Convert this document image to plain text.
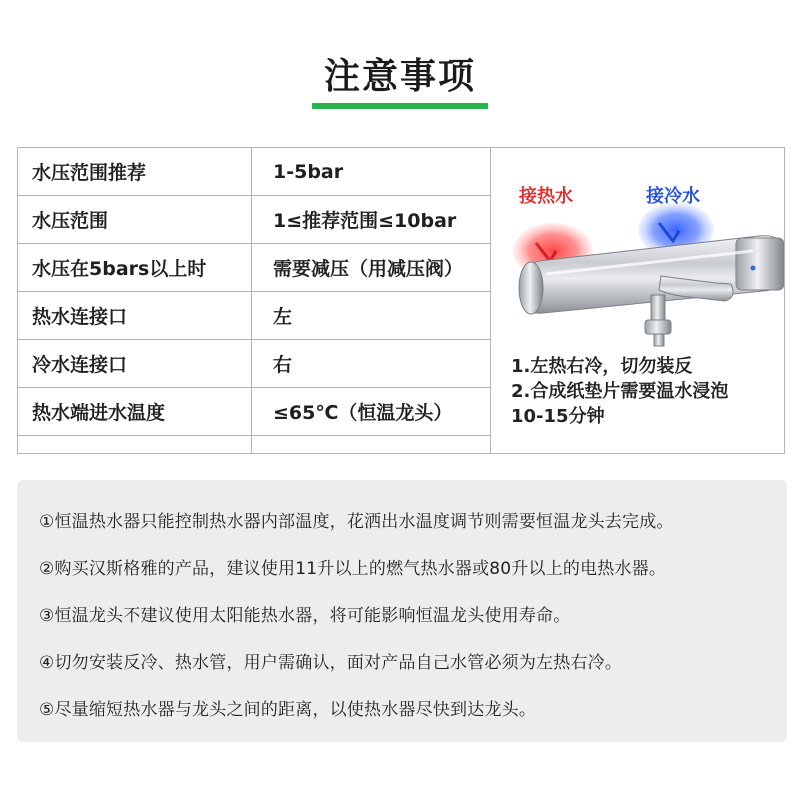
注意事项
水压范围推荐	1-5bar
水压范围	1≤推荐范围≤10bar
水压在5bars以上时	需要减压（用减压阀）
热水连接口	左
冷水连接口	右
热水端进水温度	≤65℃（恒温龙头）

接热水	接冷水
1.左热右冷，切勿装反
2.合成纸垫片需要温水浸泡
10-15分钟
①恒温热水器只能控制热水器内部温度，花洒出水温度调节则需要恒温龙头去完成。
②购买汉斯格雅的产品，建议使用11升以上的燃气热水器或80升以上的电热水器。
③恒温龙头不建议使用太阳能热水器，将可能影响恒温龙头使用寿命。
④切勿安装反冷、热水管，用户需确认，面对产品自己水管必须为左热右冷。
⑤尽量缩短热水器与龙头之间的距离，以使热水器尽快到达龙头。
